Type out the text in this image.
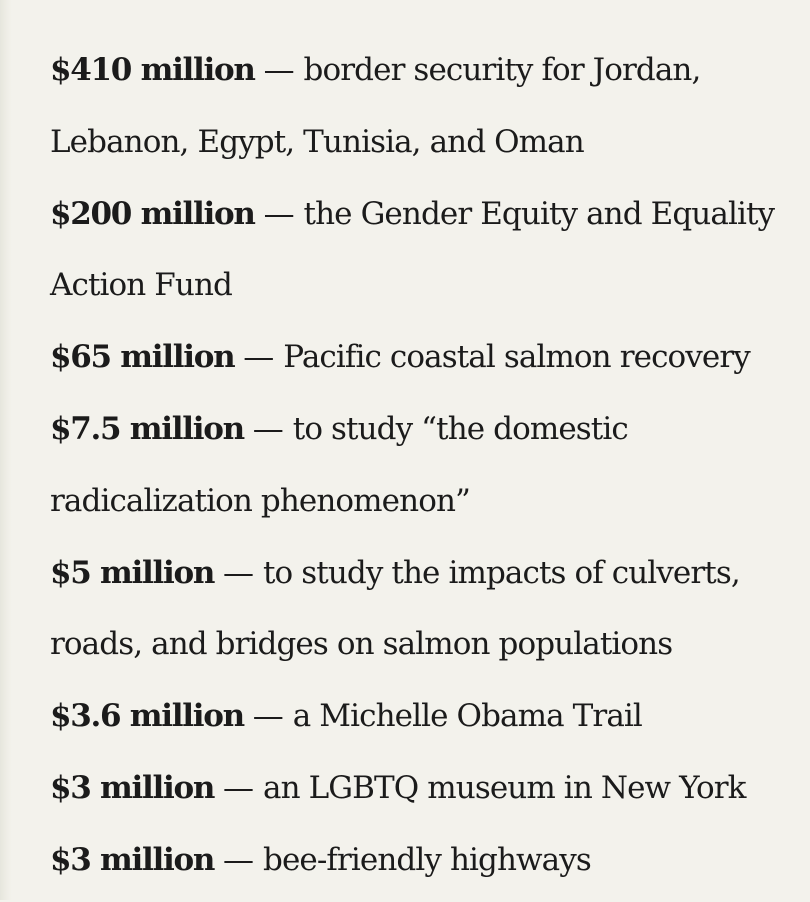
$410 million — border security for Jordan,
Lebanon, Egypt, Tunisia, and Oman
$200 million — the Gender Equity and Equality
Action Fund
$65 million — Pacific coastal salmon recovery
$7.5 million — to study “the domestic
radicalization phenomenon”
$5 million — to study the impacts of culverts,
roads, and bridges on salmon populations
$3.6 million — a Michelle Obama Trail
$3 million — an LGBTQ museum in New York
$3 million — bee-friendly highways
